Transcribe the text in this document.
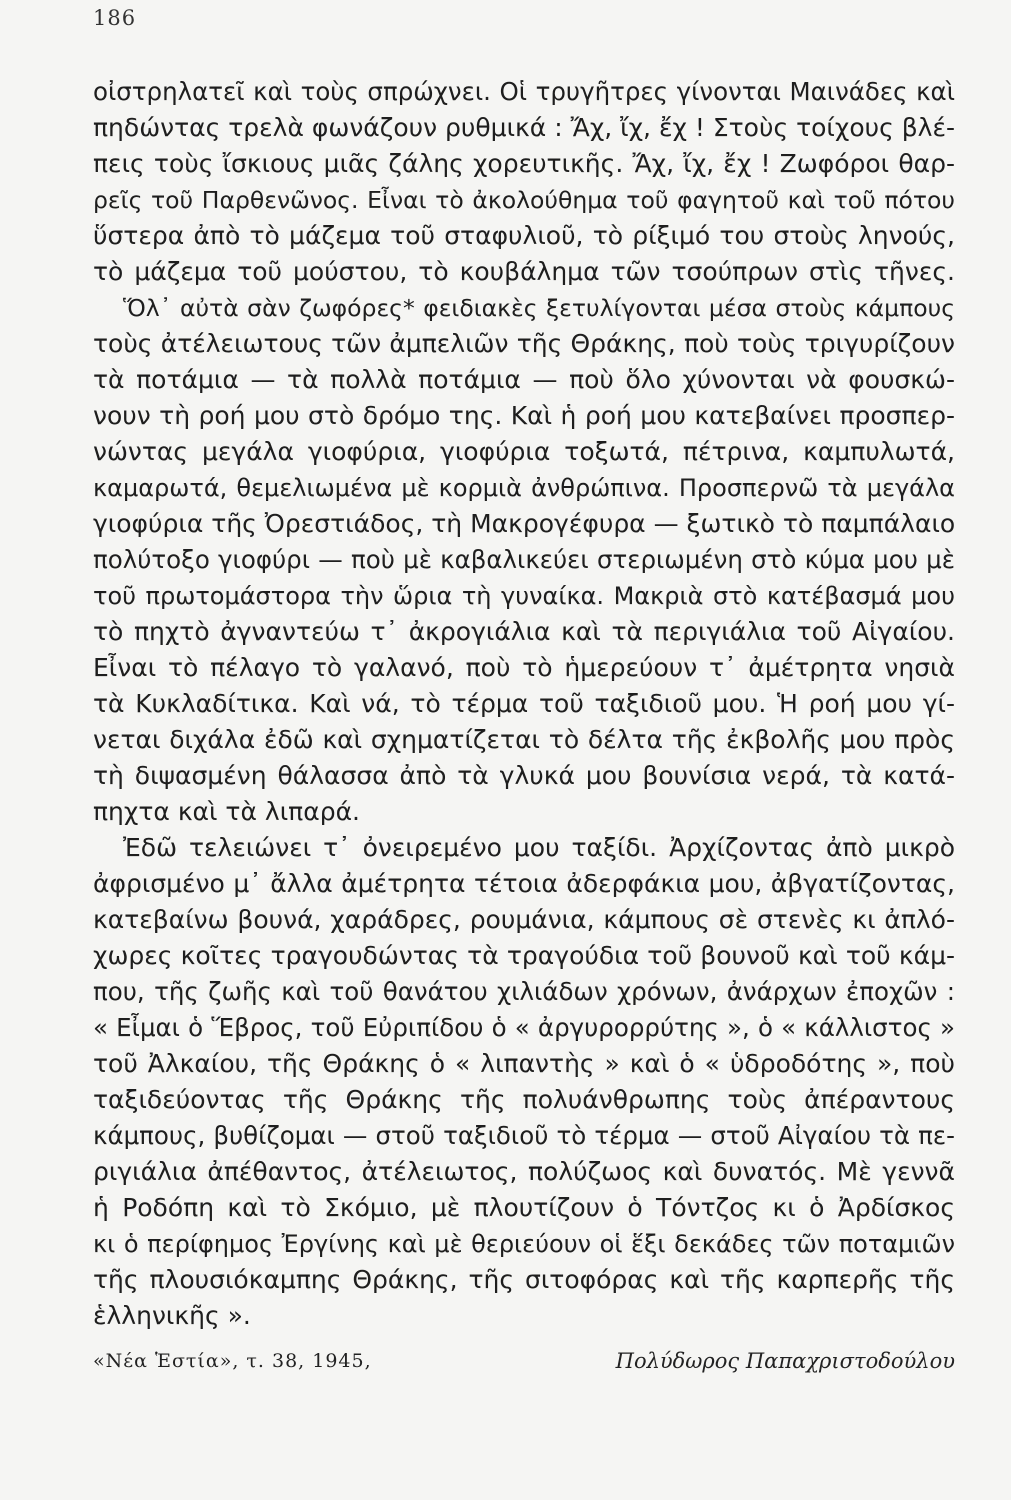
186
οἰστρηλατεῖ καὶ τοὺς σπρώχνει. Οἱ τρυγῆτρες γίνονται Μαινάδες καὶ
πηδώντας τρελὰ φωνάζουν ρυθμικά : Ἄχ, ἴχ, ἔχ ! Στοὺς τοίχους βλέ-
πεις τοὺς ἴσκιους μιᾶς ζάλης χορευτικῆς. Ἄχ, ἴχ, ἔχ ! Ζωφόροι θαρ-
ρεῖς τοῦ Παρθενῶνος. Εἶναι τὸ ἀκολούθημα τοῦ φαγητοῦ καὶ τοῦ πότου
ὕστερα ἀπὸ τὸ μάζεμα τοῦ σταφυλιοῦ, τὸ ρίξιμό του στοὺς ληνούς,
τὸ μάζεμα τοῦ μούστου, τὸ κουβάλημα τῶν τσούπρων στὶς τῆνες.
Ὅλ᾽ αὐτὰ σὰν ζωφόρες* φειδιακὲς ξετυλίγονται μέσα στοὺς κάμπους
τοὺς ἀτέλειωτους τῶν ἀμπελιῶν τῆς Θράκης, ποὺ τοὺς τριγυρίζουν
τὰ ποτάμια — τὰ πολλὰ ποτάμια — ποὺ ὅλο χύνονται νὰ φουσκώ-
νουν τὴ ροή μου στὸ δρόμο της. Καὶ ἡ ροή μου κατεβαίνει προσπερ-
νώντας μεγάλα γιοφύρια, γιοφύρια τοξωτά, πέτρινα, καμπυλωτά,
καμαρωτά, θεμελιωμένα μὲ κορμιὰ ἀνθρώπινα. Προσπερνῶ τὰ μεγάλα
γιοφύρια τῆς Ὀρεστιάδος, τὴ Μακρογέφυρα — ξωτικὸ τὸ παμπάλαιο
πολύτοξο γιοφύρι — ποὺ μὲ καβαλικεύει στεριωμένη στὸ κύμα μου μὲ
τοῦ πρωτομάστορα τὴν ὥρια τὴ γυναίκα. Μακριὰ στὸ κατέβασμά μου
τὸ πηχτὸ ἀγναντεύω τ᾽ ἀκρογιάλια καὶ τὰ περιγιάλια τοῦ Αἰγαίου.
Εἶναι τὸ πέλαγο τὸ γαλανό, ποὺ τὸ ἡμερεύουν τ᾽ ἀμέτρητα νησιὰ
τὰ Κυκλαδίτικα. Καὶ νά, τὸ τέρμα τοῦ ταξιδιοῦ μου. Ἡ ροή μου γί-
νεται διχάλα ἐδῶ καὶ σχηματίζεται τὸ δέλτα τῆς ἐκβολῆς μου πρὸς
τὴ διψασμένη θάλασσα ἀπὸ τὰ γλυκά μου βουνίσια νερά, τὰ κατά-
πηχτα καὶ τὰ λιπαρά.
Ἐδῶ τελειώνει τ᾽ ὀνειρεμένο μου ταξίδι. Ἀρχίζοντας ἀπὸ μικρὸ
ἀφρισμένο μ᾽ ἄλλα ἀμέτρητα τέτοια ἀδερφάκια μου, ἀβγατίζοντας,
κατεβαίνω βουνά, χαράδρες, ρουμάνια, κάμπους σὲ στενὲς κι ἀπλό-
χωρες κοῖτες τραγουδώντας τὰ τραγούδια τοῦ βουνοῦ καὶ τοῦ κάμ-
που, τῆς ζωῆς καὶ τοῦ θανάτου χιλιάδων χρόνων, ἀνάρχων ἐποχῶν :
« Εἶμαι ὁ Ἕβρος, τοῦ Εὐριπίδου ὁ « ἀργυρορρύτης », ὁ « κάλλιστος »
τοῦ Ἀλκαίου, τῆς Θράκης ὁ « λιπαντὴς » καὶ ὁ « ὑδροδότης », ποὺ
ταξιδεύοντας τῆς Θράκης τῆς πολυάνθρωπης τοὺς ἀπέραντους
κάμπους, βυθίζομαι — στοῦ ταξιδιοῦ τὸ τέρμα — στοῦ Αἰγαίου τὰ πε-
ριγιάλια ἀπέθαντος, ἀτέλειωτος, πολύζωος καὶ δυνατός. Μὲ γεννᾶ
ἡ Ροδόπη καὶ τὸ Σκόμιο, μὲ πλουτίζουν ὁ Τόντζος κι ὁ Ἀρδίσκος
κι ὁ περίφημος Ἐργίνης καὶ μὲ θεριεύουν οἱ ἕξι δεκάδες τῶν ποταμιῶν
τῆς πλουσιόκαμπης Θράκης, τῆς σιτοφόρας καὶ τῆς καρπερῆς τῆς
ἑλληνικῆς ».
«Νέα Ἑστία», τ. 38, 1945,	Πολύδωρος Παπαχριστοδούλου
